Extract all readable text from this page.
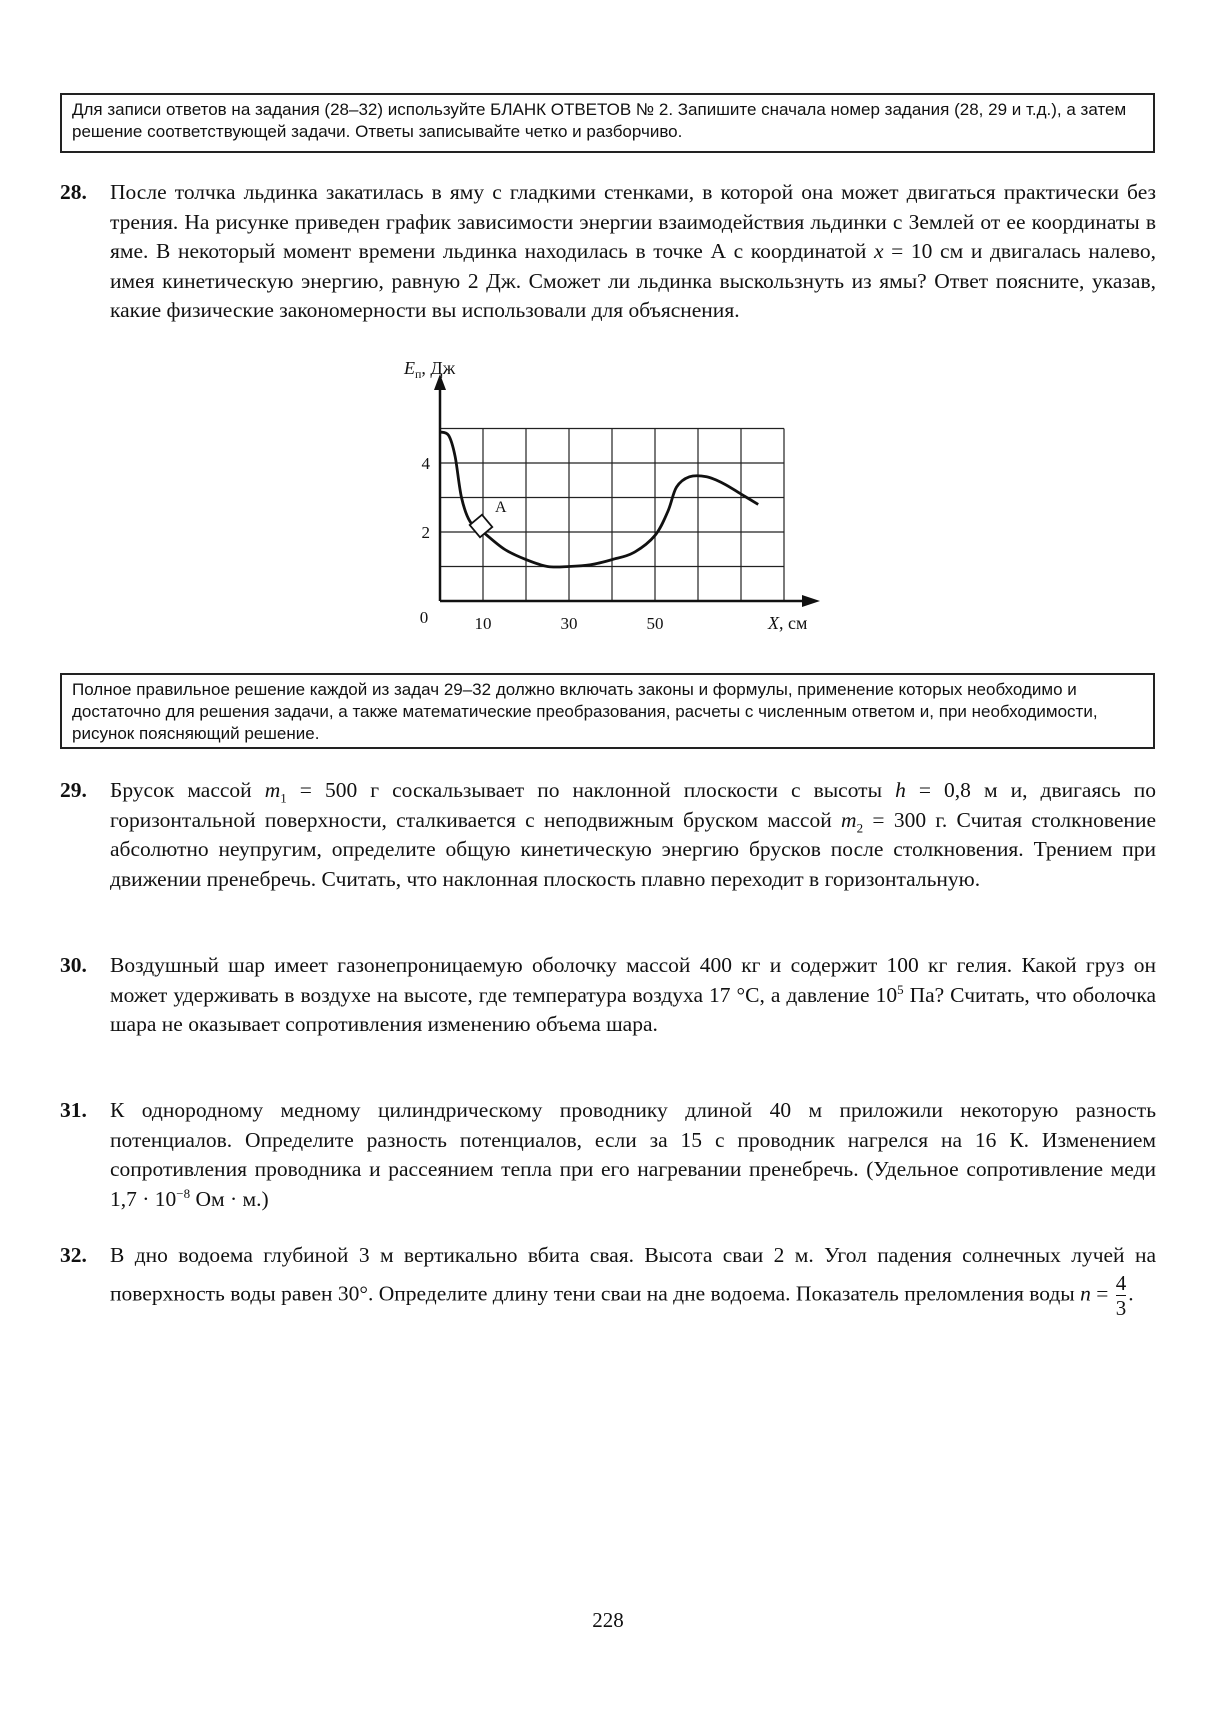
Для записи ответов на задания (28–32) используйте БЛАНК ОТВЕТОВ № 2. Запишите сначала номер задания (28, 29 и т.д.), а затем решение соответствующей задачи. Ответы записывайте четко и разборчиво.
28. После толчка льдинка закатилась в яму с гладкими стенками, в которой она может двигаться практически без трения. На рисунке приведен график зависимости энергии взаимодействия льдинки с Землей от ее координаты в яме. В некоторый момент времени льдинка находилась в точке А с координатой x = 10 см и двигалась налево, имея кинетическую энергию, равную 2 Дж. Сможет ли льдинка выскользнуть из ямы? Ответ поясните, указав, какие физические закономерности вы использовали для объяснения.
10	30	50
2
4
0
$E_п$, Дж
X, см
A
Полное правильное решение каждой из задач 29–32 должно включать законы и формулы, применение которых необходимо и достаточно для решения задачи, а также математические преобразования, расчеты с численным ответом и, при необходимости, рисунок поясняющий решение.
29. Брусок массой $m_1 = 500$ г соскальзывает по наклонной плоскости с высоты h = 0,8 м и, двигаясь по горизонтальной поверхности, сталкивается с неподвижным бруском массой $m_2 = 300$ г. Считая столкновение абсолютно неупругим, определите общую кинетическую энергию брусков после столкновения. Трением при движении пренебречь. Считать, что наклонная плоскость плавно переходит в горизонтальную.
30. Воздушный шар имеет газонепроницаемую оболочку массой 400 кг и содержит 100 кг гелия. Какой груз он может удерживать в воздухе на высоте, где температура воздуха 17 °С, а давление $10^5$ Па? Считать, что оболочка шара не оказывает сопротивления изменению объема шара.
31. К однородному медному цилиндрическому проводнику длиной 40 м приложили некоторую разность потенциалов. Определите разность потенциалов, если за 15 с проводник нагрелся на 16 К. Изменением сопротивления проводника и рассеянием тепла при его нагревании пренебречь. (Удельное сопротивление меди $1,7 \cdot 10^{-8}$ Ом · м.)
32. В дно водоема глубиной 3 м вертикально вбита свая. Высота сваи 2 м. Угол падения солнечных лучей на поверхность воды равен 30°. Определите длину тени сваи на дне водоема. Показатель преломления воды $n = \frac{4}{3}$ .
228
